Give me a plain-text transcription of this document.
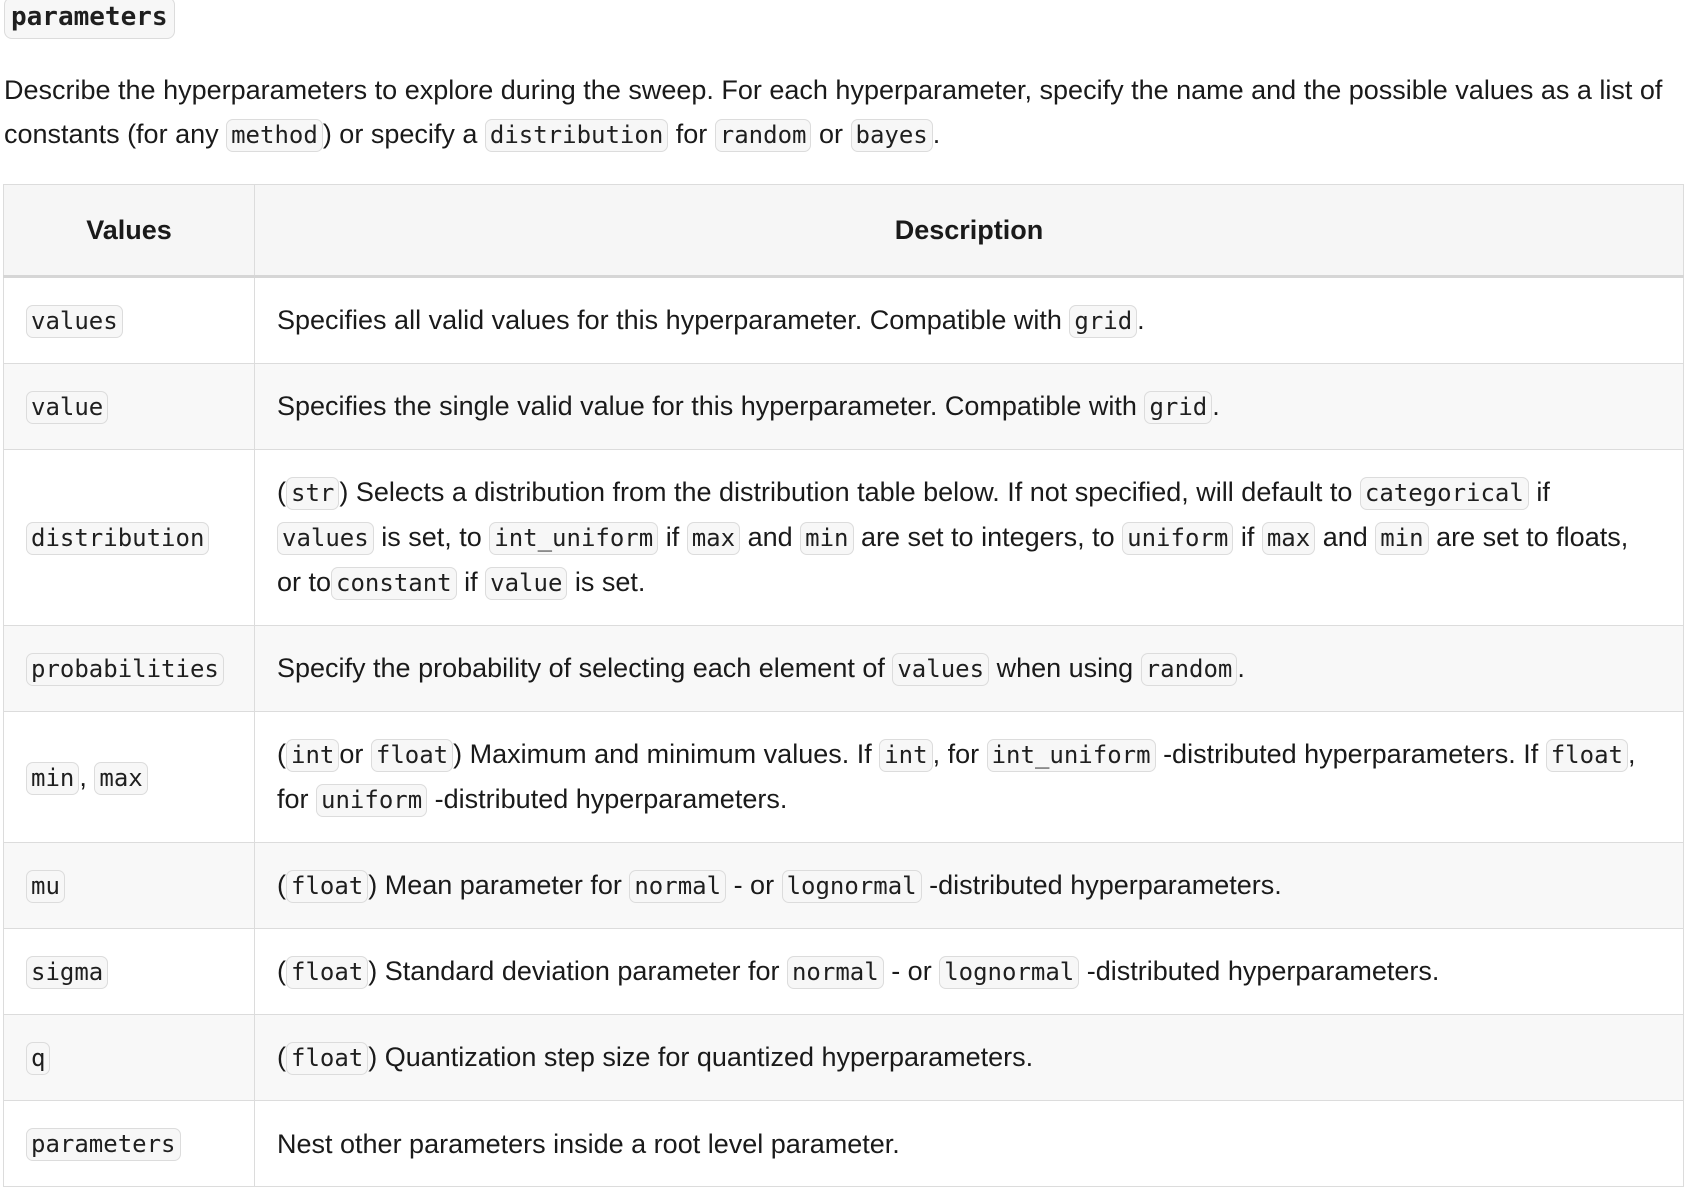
parameters

Describe the hyperparameters to explore during the sweep. For each hyperparameter, specify the name and the possible values as a list of constants (for any method ) or specify a distribution for random or bayes .

Values	Description
values	Specifies all valid values for this hyperparameter. Compatible with grid .
value	Specifies the single valid value for this hyperparameter. Compatible with grid .
distribution	( str ) Selects a distribution from the distribution table below. If not specified, will default to categorical if values is set, to int_uniform if max and min are set to integers, to uniform if max and min are set to floats, or to constant if value is set.
probabilities	Specify the probability of selecting each element of values when using random .
min , max	( int or float ) Maximum and minimum values. If int , for int_uniform -distributed hyperparameters. If float , for uniform -distributed hyperparameters.
mu	( float ) Mean parameter for normal - or lognormal -distributed hyperparameters.
sigma	( float ) Standard deviation parameter for normal - or lognormal -distributed hyperparameters.
q	( float ) Quantization step size for quantized hyperparameters.
parameters	Nest other parameters inside a root level parameter.
